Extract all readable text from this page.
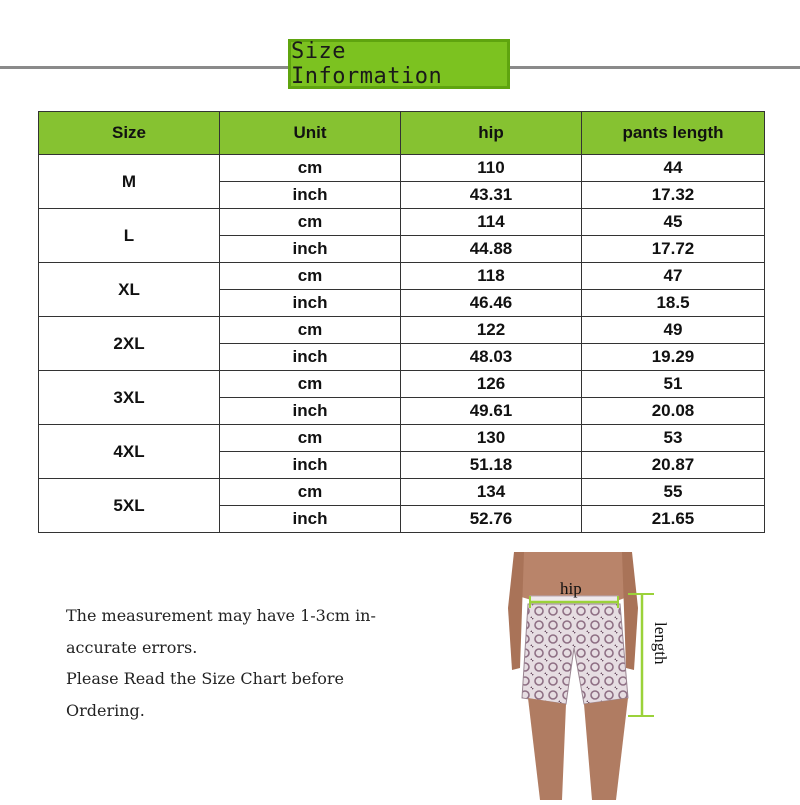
Size Information
Size	Unit	hip	pants length
M	cm	110	44
	inch	43.31	17.32
L	cm	114	45
	inch	44.88	17.72
XL	cm	118	47
	inch	46.46	18.5
2XL	cm	122	49
	inch	48.03	19.29
3XL	cm	126	51
	inch	49.61	20.08
4XL	cm	130	53
	inch	51.18	20.87
5XL	cm	134	55
	inch	52.76	21.65

The measurement may have 1-3cm in-

accurate errors.

Please Read the Size Chart before

Ordering.

hip
length
